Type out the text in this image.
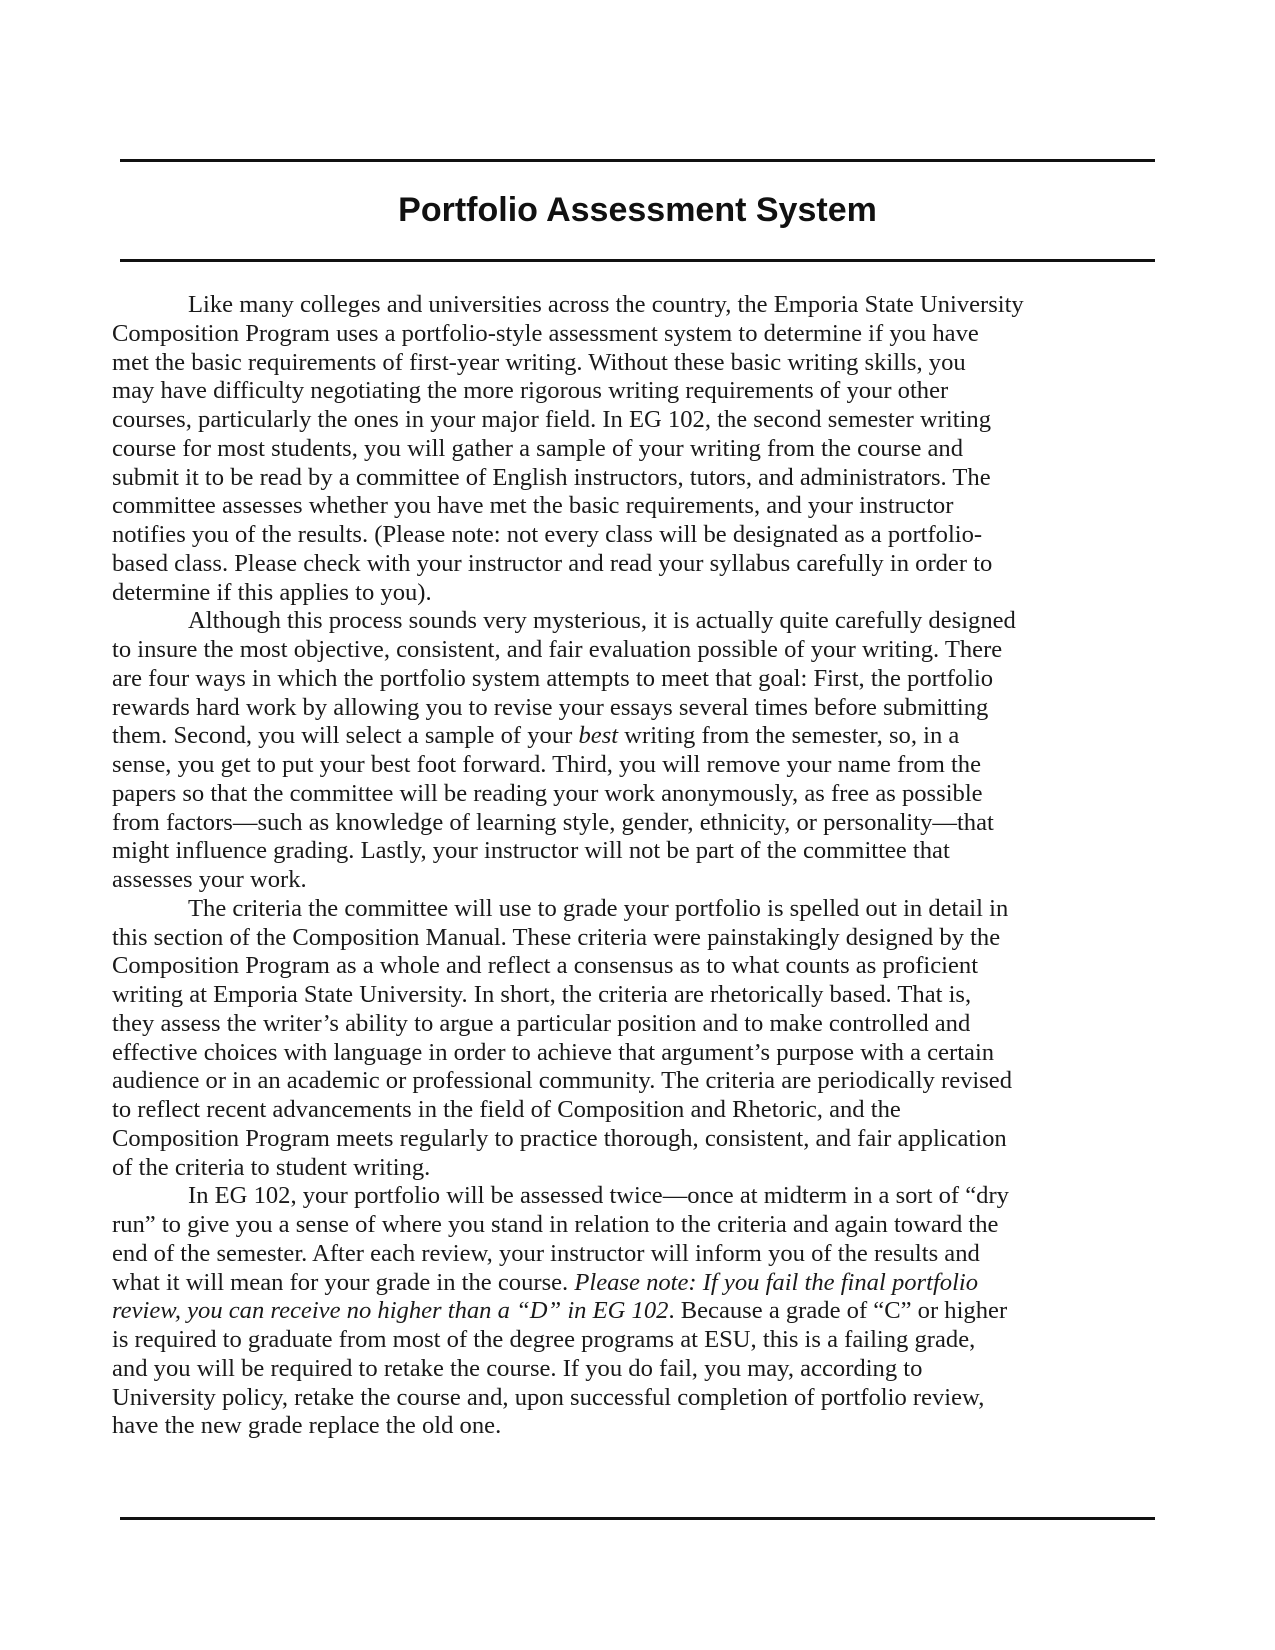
Portfolio Assessment System
Like many colleges and universities across the country, the Emporia State University
Composition Program uses a portfolio-style assessment system to determine if you have
met the basic requirements of first-year writing. Without these basic writing skills, you
may have difficulty negotiating the more rigorous writing requirements of your other
courses, particularly the ones in your major field. In EG 102, the second semester writing
course for most students, you will gather a sample of your writing from the course and
submit it to be read by a committee of English instructors, tutors, and administrators. The
committee assesses whether you have met the basic requirements, and your instructor
notifies you of the results. (Please note: not every class will be designated as a portfolio-
based class. Please check with your instructor and read your syllabus carefully in order to
determine if this applies to you).
Although this process sounds very mysterious, it is actually quite carefully designed
to insure the most objective, consistent, and fair evaluation possible of your writing. There
are four ways in which the portfolio system attempts to meet that goal: First, the portfolio
rewards hard work by allowing you to revise your essays several times before submitting
them. Second, you will select a sample of your best writing from the semester, so, in a
sense, you get to put your best foot forward. Third, you will remove your name from the
papers so that the committee will be reading your work anonymously, as free as possible
from factors—such as knowledge of learning style, gender, ethnicity, or personality—that
might influence grading. Lastly, your instructor will not be part of the committee that
assesses your work.
The criteria the committee will use to grade your portfolio is spelled out in detail in
this section of the Composition Manual. These criteria were painstakingly designed by the
Composition Program as a whole and reflect a consensus as to what counts as proficient
writing at Emporia State University. In short, the criteria are rhetorically based. That is,
they assess the writer’s ability to argue a particular position and to make controlled and
effective choices with language in order to achieve that argument’s purpose with a certain
audience or in an academic or professional community. The criteria are periodically revised
to reflect recent advancements in the field of Composition and Rhetoric, and the
Composition Program meets regularly to practice thorough, consistent, and fair application
of the criteria to student writing.
In EG 102, your portfolio will be assessed twice—once at midterm in a sort of “dry
run” to give you a sense of where you stand in relation to the criteria and again toward the
end of the semester. After each review, your instructor will inform you of the results and
what it will mean for your grade in the course. Please note: If you fail the final portfolio
review, you can receive no higher than a “D” in EG 102. Because a grade of “C” or higher
is required to graduate from most of the degree programs at ESU, this is a failing grade,
and you will be required to retake the course. If you do fail, you may, according to
University policy, retake the course and, upon successful completion of portfolio review,
have the new grade replace the old one.
